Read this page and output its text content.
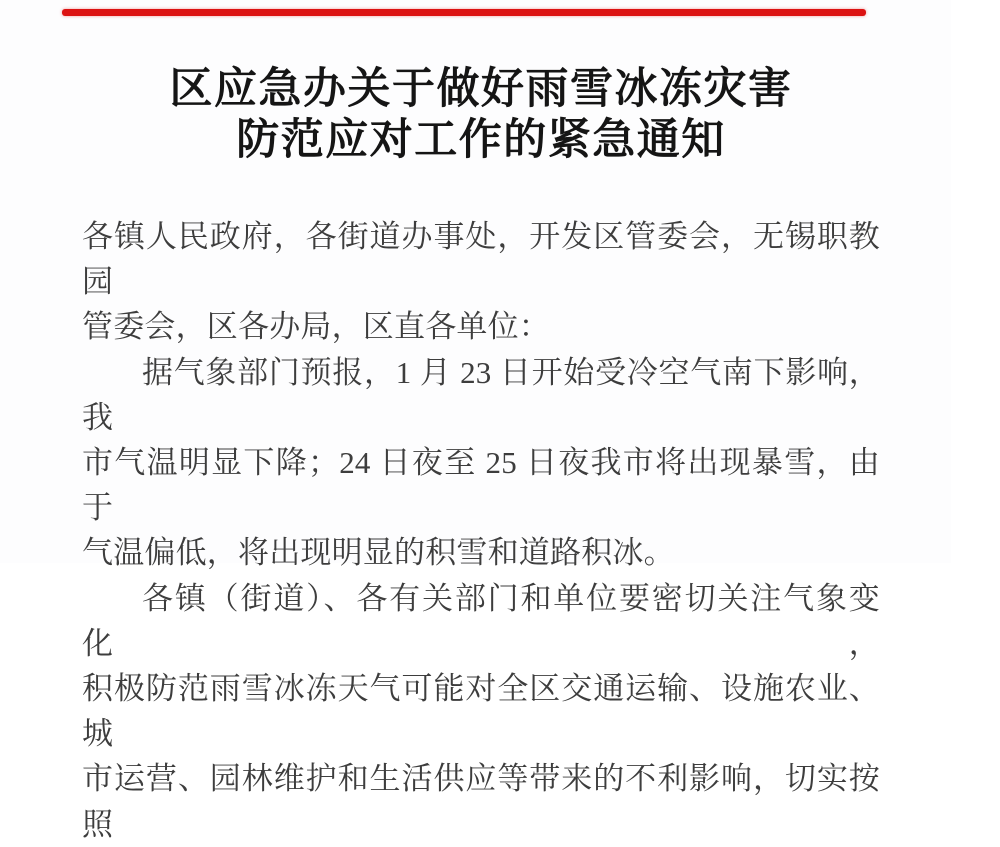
区应急办关于做好雨雪冰冻灾害
防范应对工作的紧急通知
各镇人民政府，各街道办事处，开发区管委会，无锡职教园
管委会，区各办局，区直各单位：
据气象部门预报，1 月 23 日开始受冷空气南下影响，我
市气温明显下降；24 日夜至 25 日夜我市将出现暴雪，由于
气温偏低，将出现明显的积雪和道路积冰。
各镇（街道）、各有关部门和单位要密切关注气象变化，
积极防范雨雪冰冻天气可能对全区交通运输、设施农业、城
市运营、园林维护和生活供应等带来的不利影响，切实按照
